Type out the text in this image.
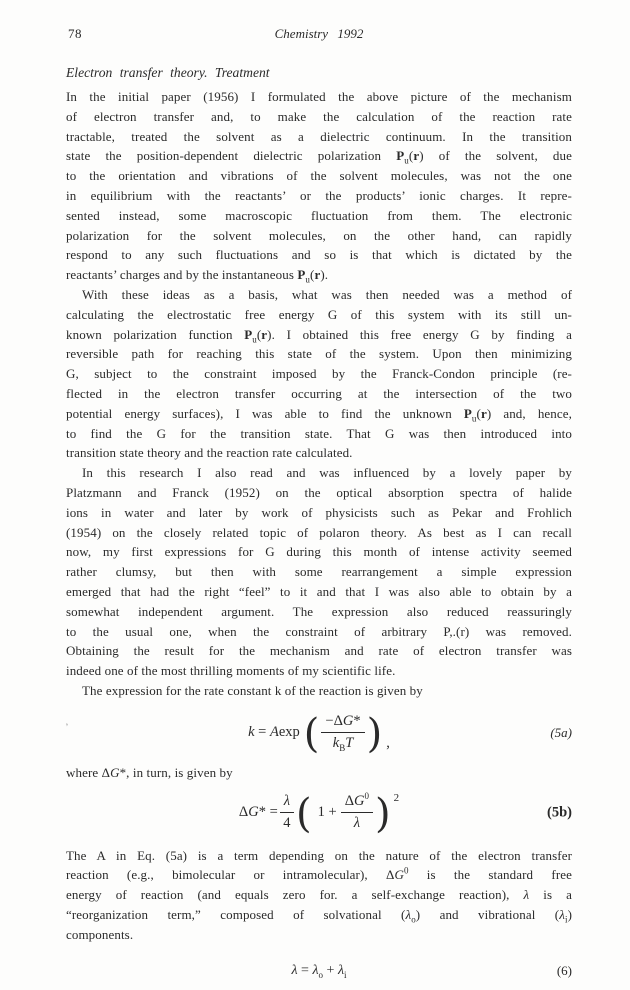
78	Chemistry 1992
Electron transfer theory. Treatment
In the initial paper (1956) I formulated the above picture of the mechanism
of electron transfer and, to make the calculation of the reaction rate
tractable, treated the solvent as a dielectric continuum. In the transition
state the position-dependent dielectric polarization $P_u(r)$ of the solvent, due
to the orientation and vibrations of the solvent molecules, was not the one
in equilibrium with the reactants’ or the products’ ionic charges. It repre-
sented instead, some macroscopic fluctuation from them. The electronic
polarization for the solvent molecules, on the other hand, can rapidly
respond to any such fluctuations and so is that which is dictated by the
reactants’ charges and by the instantaneous $P_u(r)$.
With these ideas as a basis, what was then needed was a method of
calculating the electrostatic free energy G of this system with its still un-
known polarization function $P_u(r)$. I obtained this free energy G by finding a
reversible path for reaching this state of the system. Upon then minimizing
G, subject to the constraint imposed by the Franck-Condon principle (re-
flected in the electron transfer occurring at the intersection of the two
potential energy surfaces), I was able to find the unknown $P_u(r)$ and, hence,
to find the G for the transition state. That G was then introduced into
transition state theory and the reaction rate calculated.
In this research I also read and was influenced by a lovely paper by
Platzmann and Franck (1952) on the optical absorption spectra of halide
ions in water and later by work of physicists such as Pekar and Frohlich
(1954) on the closely related topic of polaron theory. As best as I can recall
now, my first expressions for G during this month of intense activity seemed
rather clumsy, but then with some rearrangement a simple expression
emerged that had the right “feel” to it and that I was also able to obtain by a
somewhat independent argument. The expression also reduced reassuringly
to the usual one, when the constraint of arbitrary P,.(r) was removed.
Obtaining the result for the mechanism and rate of electron transfer was
indeed one of the most thrilling moments of my scientific life.
The expression for the rate constant k of the reaction is given by
’	k = Aexp ( $\frac{-\Delta G*}{k_BT}$ ) ,
(5a)
where ΔG*, in turn, is given by
$\Delta G* = \frac{\lambda}{4}$ ( $1 + \frac{\Delta G^0}{\lambda}$ ) 2
(5b)
The A in Eq. (5a) is a term depending on the nature of the electron transfer
reaction (e.g., bimolecular or intramolecular), $\Delta G^0$ is the standard free
energy of reaction (and equals zero for. a self-exchange reaction), λ is a
“reorganization term,” composed of solvational $(\lambda_o)$ and vibrational $(\lambda_i)$
components.
$\lambda = \lambda_o + \lambda_i$	(6)
